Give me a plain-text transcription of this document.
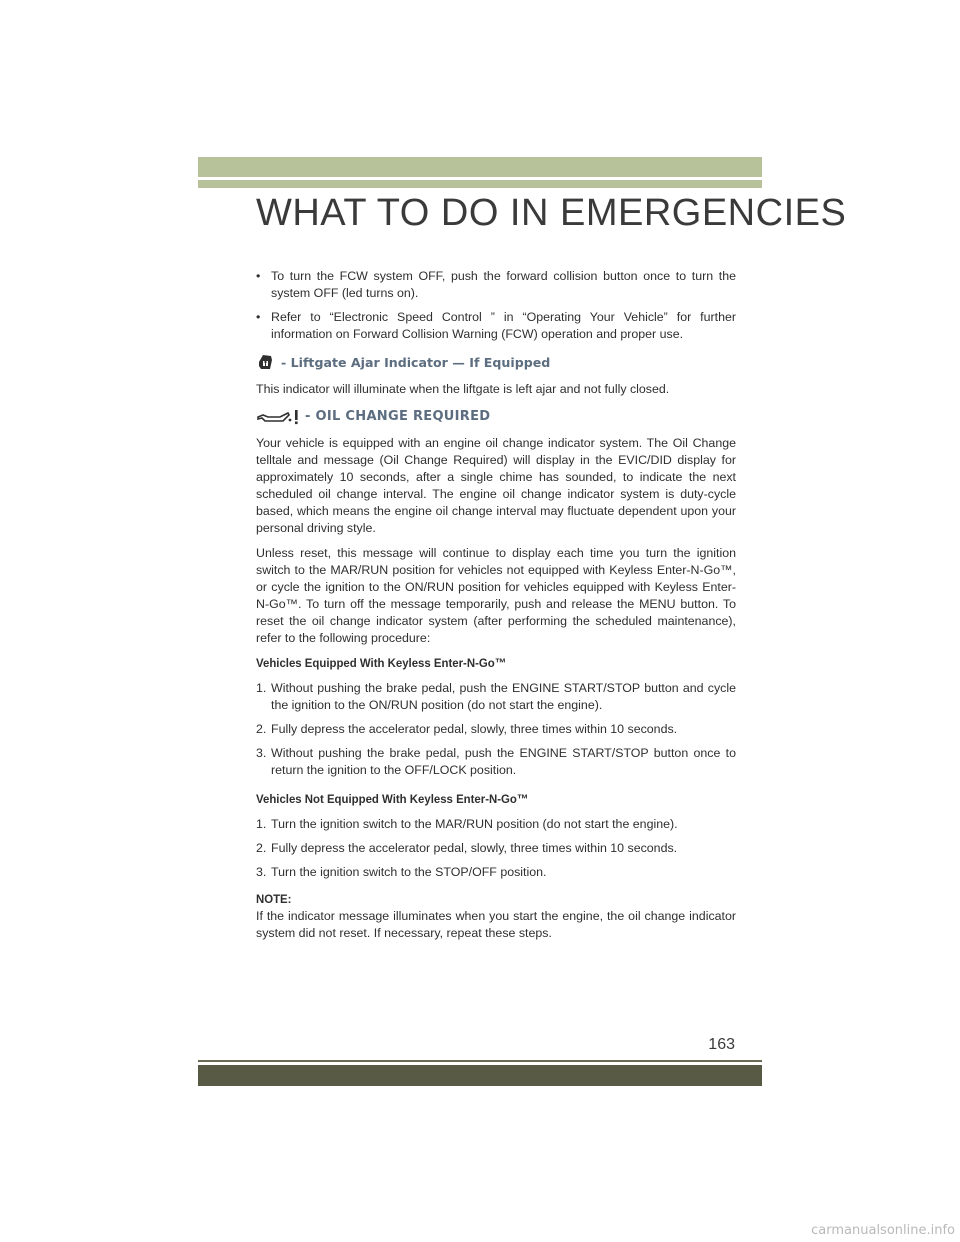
WHAT TO DO IN EMERGENCIES
• To turn the FCW system OFF, push the forward collision button once to turn the system OFF (led turns on).
• Refer to “Electronic Speed Control ” in “Operating Your Vehicle” for further information on Forward Collision Warning (FCW) operation and proper use.
- Liftgate Ajar Indicator — If Equipped

This indicator will illuminate when the liftgate is left ajar and not fully closed.

- OIL CHANGE REQUIRED

Your vehicle is equipped with an engine oil change indicator system. The Oil Change telltale and message (Oil Change Required) will display in the EVIC/DID display for approximately 10 seconds, after a single chime has sounded, to indicate the next scheduled oil change interval. The engine oil change indicator system is duty-cycle based, which means the engine oil change interval may fluctuate dependent upon your personal driving style.

Unless reset, this message will continue to display each time you turn the ignition switch to the MAR/RUN position for vehicles not equipped with Keyless Enter-N-Go™, or cycle the ignition to the ON/RUN position for vehicles equipped with Keyless Enter-N-Go™. To turn off the message temporarily, push and release the MENU button. To reset the oil change indicator system (after performing the scheduled maintenance), refer to the following procedure:

Vehicles Equipped With Keyless Enter-N-Go™
1. Without pushing the brake pedal, push the ENGINE START/STOP button and cycle the ignition to the ON/RUN position (do not start the engine).
2. Fully depress the accelerator pedal, slowly, three times within 10 seconds.
3. Without pushing the brake pedal, push the ENGINE START/STOP button once to return the ignition to the OFF/LOCK position.
Vehicles Not Equipped With Keyless Enter-N-Go™
1. Turn the ignition switch to the MAR/RUN position (do not start the engine).
2. Fully depress the accelerator pedal, slowly, three times within 10 seconds.
3. Turn the ignition switch to the STOP/OFF position.
NOTE:

If the indicator message illuminates when you start the engine, the oil change indicator system did not reset. If necessary, repeat these steps.

163
carmanualsonline.info
